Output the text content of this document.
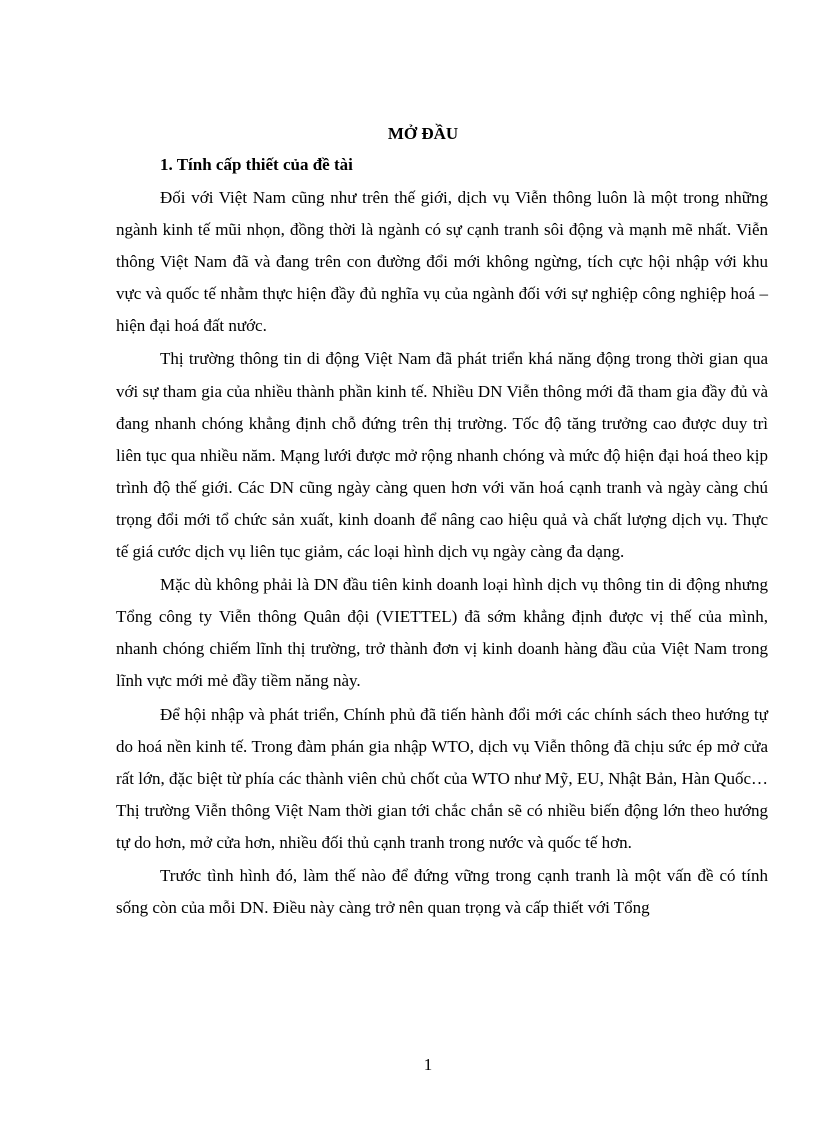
MỞ ĐẦU
1. Tính cấp thiết của đề tài

Đối với Việt Nam cũng như trên thế giới, dịch vụ Viễn thông luôn là một trong những ngành kinh tế mũi nhọn, đồng thời là ngành có sự cạnh tranh sôi động và mạnh mẽ nhất. Viễn thông Việt Nam đã và đang trên con đường đổi mới không ngừng, tích cực hội nhập với khu vực và quốc tế nhằm thực hiện đầy đủ nghĩa vụ của ngành đối với sự nghiệp công nghiệp hoá – hiện đại hoá đất nước.

Thị trường thông tin di động Việt Nam đã phát triển khá năng động trong thời gian qua với sự tham gia của nhiều thành phần kinh tế. Nhiều DN Viễn thông mới đã tham gia đầy đủ và đang nhanh chóng khẳng định chỗ đứng trên thị trường. Tốc độ tăng trưởng cao được duy trì liên tục qua nhiều năm. Mạng lưới được mở rộng nhanh chóng và mức độ hiện đại hoá theo kịp trình độ thế giới. Các DN cũng ngày càng quen hơn với văn hoá cạnh tranh và ngày càng chú trọng đổi mới tổ chức sản xuất, kinh doanh để nâng cao hiệu quả và chất lượng dịch vụ. Thực tế giá cước dịch vụ liên tục giảm, các loại hình dịch vụ ngày càng đa dạng.

Mặc dù không phải là DN đầu tiên kinh doanh loại hình dịch vụ thông tin di động nhưng Tổng công ty Viễn thông Quân đội (VIETTEL) đã sớm khẳng định được vị thế của mình, nhanh chóng chiếm lĩnh thị trường, trở thành đơn vị kinh doanh hàng đầu của Việt Nam trong lĩnh vực mới mẻ đầy tiềm năng này.

Để hội nhập và phát triển, Chính phủ đã tiến hành đổi mới các chính sách theo hướng tự do hoá nền kinh tế. Trong đàm phán gia nhập WTO, dịch vụ Viễn thông đã chịu sức ép mở cửa rất lớn, đặc biệt từ phía các thành viên chủ chốt của WTO như Mỹ, EU, Nhật Bản, Hàn Quốc…Thị trường Viễn thông Việt Nam thời gian tới chắc chắn sẽ có nhiều biến động lớn theo hướng tự do hơn, mở cửa hơn, nhiều đối thủ cạnh tranh trong nước và quốc tế hơn.

Trước tình hình đó, làm thế nào để đứng vững trong cạnh tranh là một vấn đề có tính sống còn của mỗi DN. Điều này càng trở nên quan trọng và cấp thiết với Tổng

1
